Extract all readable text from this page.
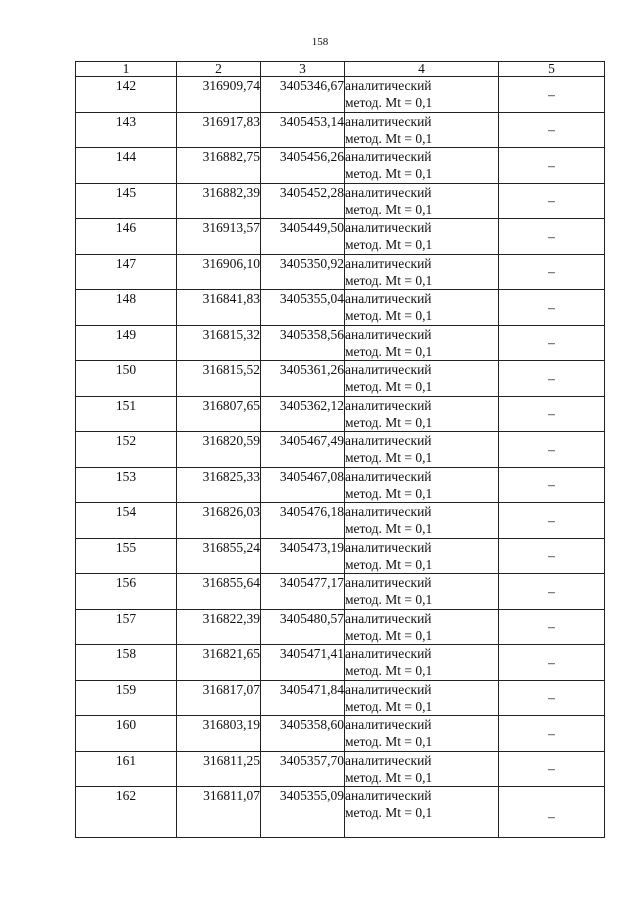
158
1	2	3	4	5
142	316909,74	3405346,67	аналитический
метод. Mt = 0,1	–
143	316917,83	3405453,14	аналитический
метод. Mt = 0,1	–
144	316882,75	3405456,26	аналитический
метод. Mt = 0,1	–
145	316882,39	3405452,28	аналитический
метод. Mt = 0,1	–
146	316913,57	3405449,50	аналитический
метод. Mt = 0,1	–
147	316906,10	3405350,92	аналитический
метод. Mt = 0,1	–
148	316841,83	3405355,04	аналитический
метод. Mt = 0,1	–
149	316815,32	3405358,56	аналитический
метод. Mt = 0,1	–
150	316815,52	3405361,26	аналитический
метод. Mt = 0,1	–
151	316807,65	3405362,12	аналитический
метод. Mt = 0,1	–
152	316820,59	3405467,49	аналитический
метод. Mt = 0,1	–
153	316825,33	3405467,08	аналитический
метод. Mt = 0,1	–
154	316826,03	3405476,18	аналитический
метод. Mt = 0,1	–
155	316855,24	3405473,19	аналитический
метод. Mt = 0,1	–
156	316855,64	3405477,17	аналитический
метод. Mt = 0,1	–
157	316822,39	3405480,57	аналитический
метод. Mt = 0,1	–
158	316821,65	3405471,41	аналитический
метод. Mt = 0,1	–
159	316817,07	3405471,84	аналитический
метод. Mt = 0,1	–
160	316803,19	3405358,60	аналитический
метод. Mt = 0,1	–
161	316811,25	3405357,70	аналитический
метод. Mt = 0,1	–
162	316811,07	3405355,09	аналитический
метод. Mt = 0,1	–
